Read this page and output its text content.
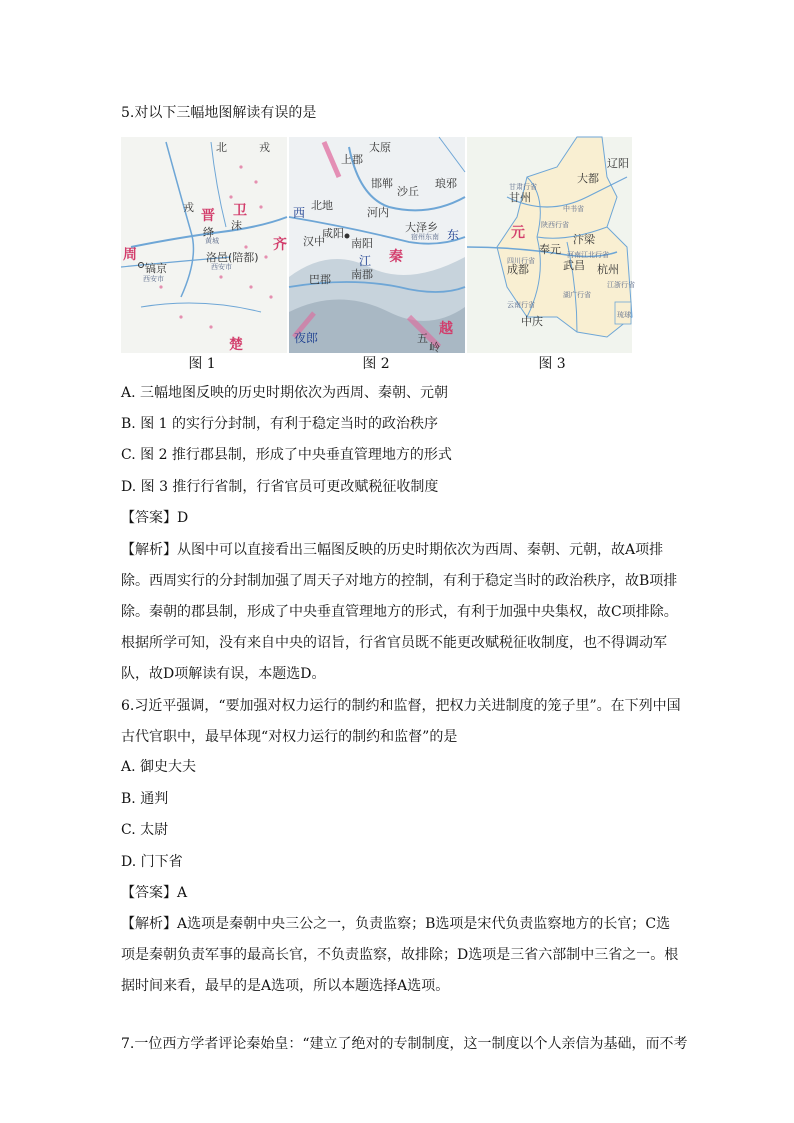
5.对以下三幅地图解读有误的是
北	戎
卫
晋
戎
沫
周
镐京
洛邑(陪都)
绛
齐
楚
黄城
西安市
西安市
上郡
太原
邯郸
沙丘
琅邪
北地
咸阳
河内
大泽乡
汉中 南阳
巴郡 南郡
夜郎	五
岭
秦
江
东
西
越
宿州东南
辽阳
大都
甘肃行省
甘州
中书省
元
奉元
汴梁
成都	武昌 杭州
中庆
陕西行省
四川行省
河南江北行省
江浙行省
湖广行省
云南行省
琉球
图 1	图 2	图 3
A. 三幅地图反映的历史时期依次为西周、秦朝、元朝
B. 图 1 的实行分封制，有利于稳定当时的政治秩序
C. 图 2 推行郡县制，形成了中央垂直管理地方的形式
D. 图 3 推行行省制，行省官员可更改赋税征收制度
【答案】D
【解析】从图中可以直接看出三幅图反映的历史时期依次为西周、秦朝、元朝，故A项排除。西周实行的分封制加强了周天子对地方的控制，有利于稳定当时的政治秩序，故B项排除。秦朝的郡县制，形成了中央垂直管理地方的形式，有利于加强中央集权，故C项排除。根据所学可知，没有来自中央的诏旨，行省官员既不能更改赋税征收制度，也不得调动军队，故D项解读有误，本题选D。
6.习近平强调，“要加强对权力运行的制约和监督，把权力关进制度的笼子里”。在下列中国古代官职中，最早体现“对权力运行的制约和监督”的是
A. 御史大夫
B. 通判
C. 太尉
D. 门下省
【答案】A
【解析】A选项是秦朝中央三公之一，负责监察；B选项是宋代负责监察地方的长官；C选项是秦朝负责军事的最高长官，不负责监察，故排除；D选项是三省六部制中三省之一。根据时间来看，最早的是A选项，所以本题选择A选项。
7.一位西方学者评论秦始皇：“建立了绝对的专制制度，这一制度以个人亲信为基础，而不考
